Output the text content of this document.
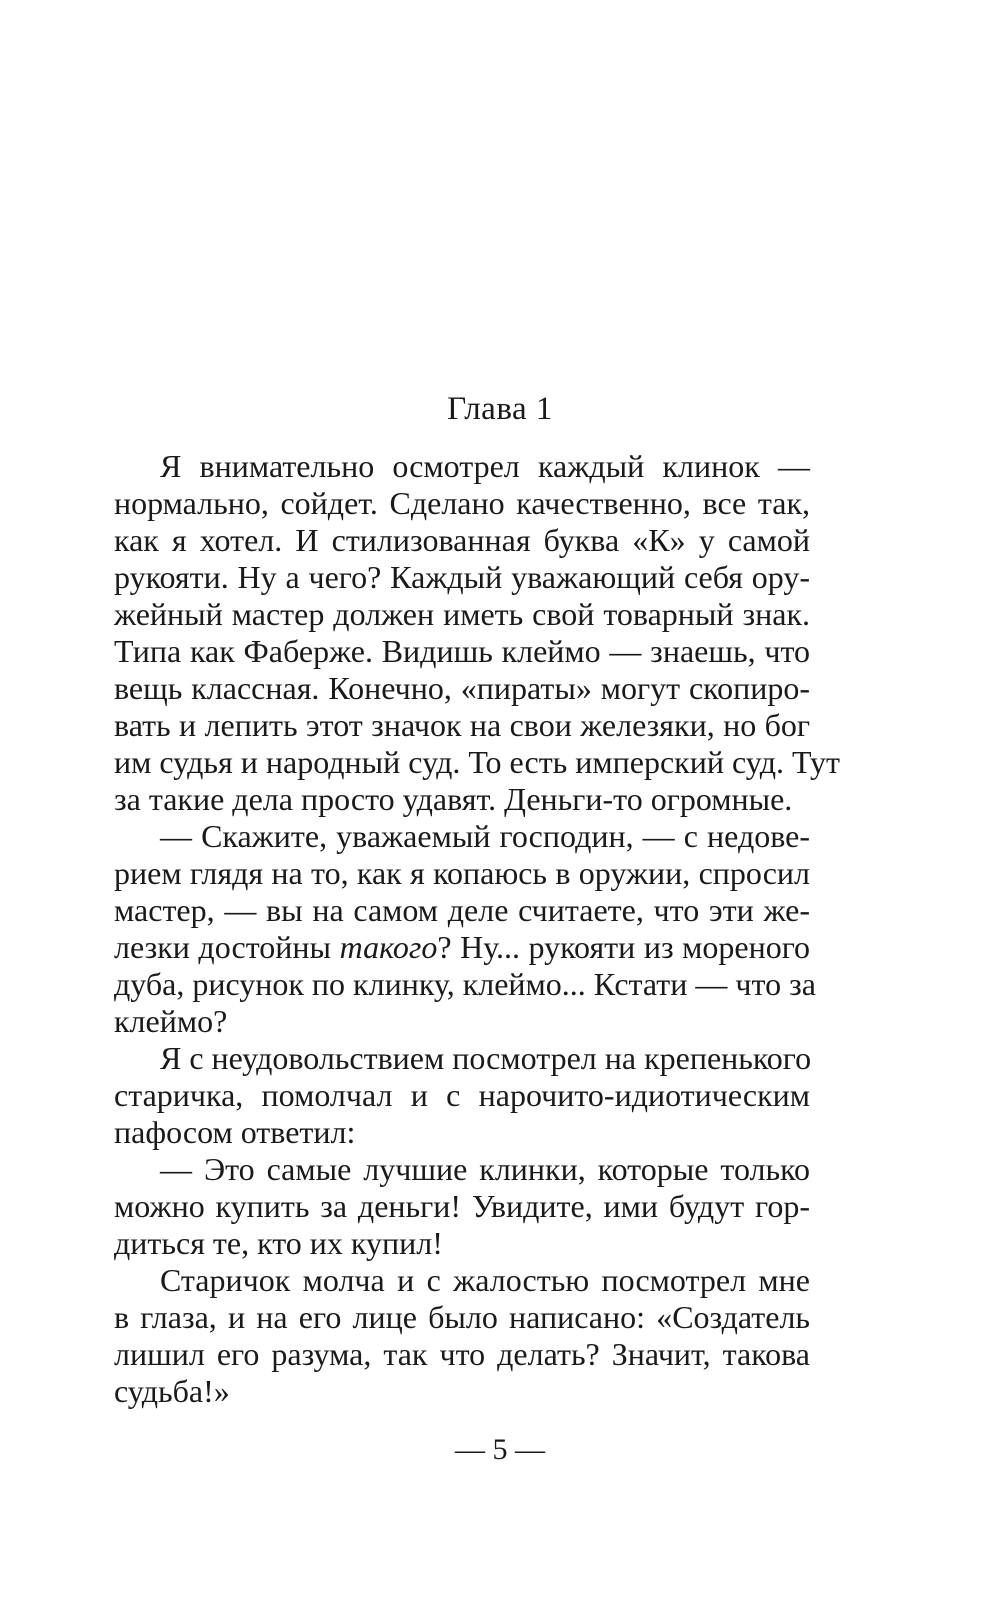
Глава 1
Я внимательно осмотрел каждый клинок —
нормально, сойдет. Сделано качественно, все так,
как я хотел. И стилизованная буква «К» у самой
рукояти. Ну а чего? Каждый уважающий себя ору-
жейный мастер должен иметь свой товарный знак.
Типа как Фаберже. Видишь клеймо — знаешь, что
вещь классная. Конечно, «пираты» могут скопиро-
вать и лепить этот значок на свои железяки, но бог
им судья и народный суд. То есть имперский суд. Тут
за такие дела просто удавят. Деньги-то огромные.
— Скажите, уважаемый господин, — с недове-
рием глядя на то, как я копаюсь в оружии, спросил
мастер, — вы на самом деле считаете, что эти же-
лезки достойны такого? Ну... рукояти из мореного
дуба, рисунок по клинку, клеймо... Кстати — что за
клеймо?
Я с неудовольствием посмотрел на крепенького
старичка, помолчал и с нарочито-идиотическим
пафосом ответил:
— Это самые лучшие клинки, которые только
можно купить за деньги! Увидите, ими будут гор-
диться те, кто их купил!
Старичок молча и с жалостью посмотрел мне
в глаза, и на его лице было написано: «Создатель
лишил его разума, так что делать? Значит, такова
судьба!»
— 5 —
